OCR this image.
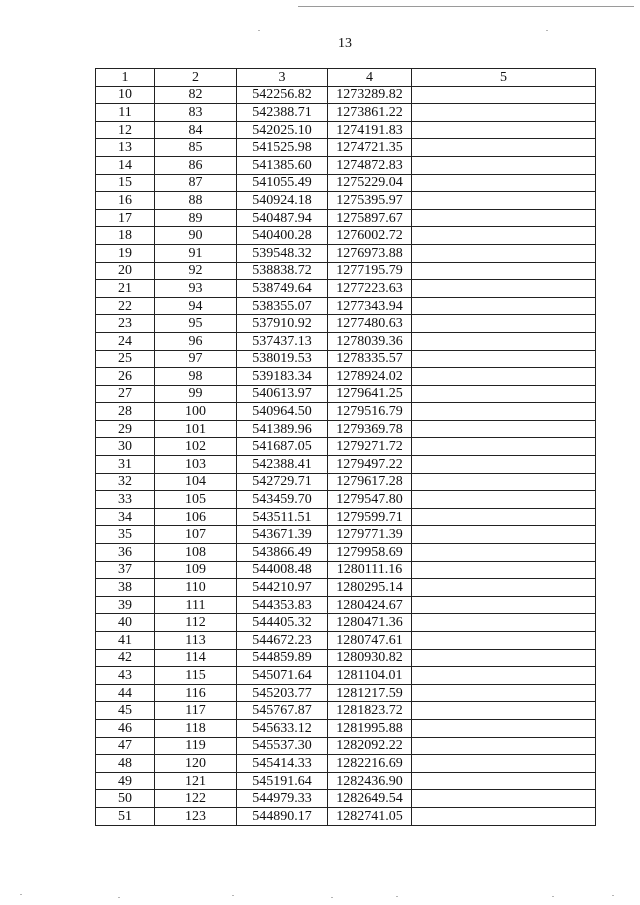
13
1	2	3	4	5
10	82	542256.82	1273289.82	
11	83	542388.71	1273861.22	
12	84	542025.10	1274191.83	
13	85	541525.98	1274721.35	
14	86	541385.60	1274872.83	
15	87	541055.49	1275229.04	
16	88	540924.18	1275395.97	
17	89	540487.94	1275897.67	
18	90	540400.28	1276002.72	
19	91	539548.32	1276973.88	
20	92	538838.72	1277195.79	
21	93	538749.64	1277223.63	
22	94	538355.07	1277343.94	
23	95	537910.92	1277480.63	
24	96	537437.13	1278039.36	
25	97	538019.53	1278335.57	
26	98	539183.34	1278924.02	
27	99	540613.97	1279641.25	
28	100	540964.50	1279516.79	
29	101	541389.96	1279369.78	
30	102	541687.05	1279271.72	
31	103	542388.41	1279497.22	
32	104	542729.71	1279617.28	
33	105	543459.70	1279547.80	
34	106	543511.51	1279599.71	
35	107	543671.39	1279771.39	
36	108	543866.49	1279958.69	
37	109	544008.48	1280111.16	
38	110	544210.97	1280295.14	
39	111	544353.83	1280424.67	
40	112	544405.32	1280471.36	
41	113	544672.23	1280747.61	
42	114	544859.89	1280930.82	
43	115	545071.64	1281104.01	
44	116	545203.77	1281217.59	
45	117	545767.87	1281823.72	
46	118	545633.12	1281995.88	
47	119	545537.30	1282092.22	
48	120	545414.33	1282216.69	
49	121	545191.64	1282436.90	
50	122	544979.33	1282649.54	
51	123	544890.17	1282741.05	
